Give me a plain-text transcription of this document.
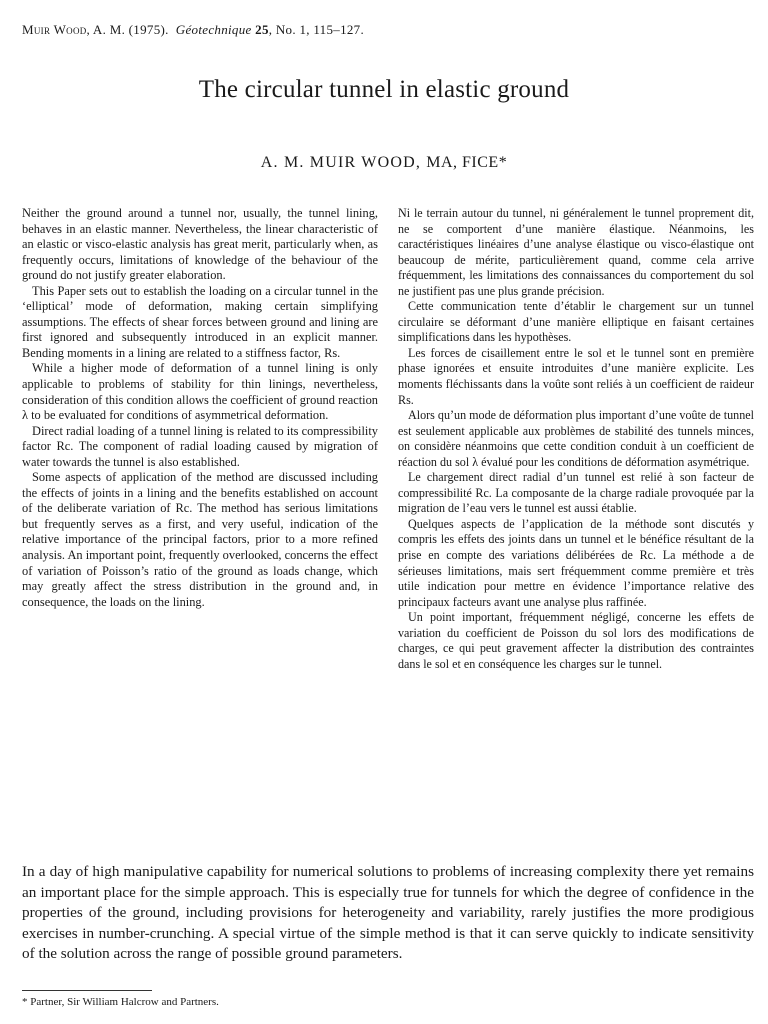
Muir Wood, A. M. (1975). Géotechnique 25, No. 1, 115–127.
The circular tunnel in elastic ground
A. M. MUIR WOOD, MA, FICE*

Neither the ground around a tunnel nor, usually, the tunnel lining, behaves in an elastic manner. Nevertheless, the linear characteristic of an elastic or visco-elastic analysis has great merit, particularly when, as frequently occurs, limitations of knowledge of the behaviour of the ground do not justify greater elaboration.

This Paper sets out to establish the loading on a circular tunnel in the ‘elliptical’ mode of deformation, making certain simplifying assumptions. The effects of shear forces between ground and lining are first ignored and subsequently introduced in an explicit manner. Bending moments in a lining are related to a stiffness factor, Rs.

While a higher mode of deformation of a tunnel lining is only applicable to problems of stability for thin linings, nevertheless, consideration of this condition allows the coefficient of ground reaction λ to be evaluated for conditions of asymmetrical deformation.

Direct radial loading of a tunnel lining is related to its compressibility factor Rc. The component of radial loading caused by migration of water towards the tunnel is also established.

Some aspects of application of the method are discussed including the effects of joints in a lining and the benefits established on account of the deliberate variation of Rc. The method has serious limitations but frequently serves as a first, and very useful, indication of the relative importance of the principal factors, prior to a more refined analysis. An important point, frequently overlooked, concerns the effect of variation of Poisson’s ratio of the ground as loads change, which may greatly affect the stress distribution in the ground and, in consequence, the loads on the lining.

Ni le terrain autour du tunnel, ni généralement le tunnel proprement dit, ne se comportent d’une manière élastique. Néanmoins, les caractéristiques linéaires d’une analyse élastique ou visco-élastique ont beaucoup de mérite, particulièrement quand, comme cela arrive fréquemment, les limitations des connaissances du comportement du sol ne justifient pas une plus grande précision.

Cette communication tente d’établir le chargement sur un tunnel circulaire se déformant d’une manière elliptique en faisant certaines simplifications dans les hypothèses.

Les forces de cisaillement entre le sol et le tunnel sont en première phase ignorées et ensuite introduites d’une manière explicite. Les moments fléchissants dans la voûte sont reliés à un coefficient de raideur Rs.

Alors qu’un mode de déformation plus important d’une voûte de tunnel est seulement applicable aux problèmes de stabilité des tunnels minces, on considère néanmoins que cette condition conduit à un coefficient de réaction du sol λ évalué pour les conditions de déformation asymétrique.

Le chargement direct radial d’un tunnel est relié à son facteur de compressibilité Rc. La composante de la charge radiale provoquée par la migration de l’eau vers le tunnel est aussi établie.

Quelques aspects de l’application de la méthode sont discutés y compris les effets des joints dans un tunnel et le bénéfice résultant de la prise en compte des variations délibérées de Rc. La méthode a de sérieuses limitations, mais sert fréquemment comme première et très utile indication pour mettre en évidence l’importance relative des principaux facteurs avant une analyse plus raffinée.

Un point important, fréquemment négligé, concerne les effets de variation du coefficient de Poisson du sol lors des modifications de charges, ce qui peut gravement affecter la distribution des contraintes dans le sol et en conséquence les charges sur le tunnel.

In a day of high manipulative capability for numerical solutions to problems of increasing complexity there yet remains an important place for the simple approach. This is especially true for tunnels for which the degree of confidence in the properties of the ground, including provisions for heterogeneity and variability, rarely justifies the more prodigious exercises in number-crunching. A special virtue of the simple method is that it can serve quickly to indicate sensitivity of the solution across the range of possible ground parameters.

* Partner, Sir William Halcrow and Partners.
